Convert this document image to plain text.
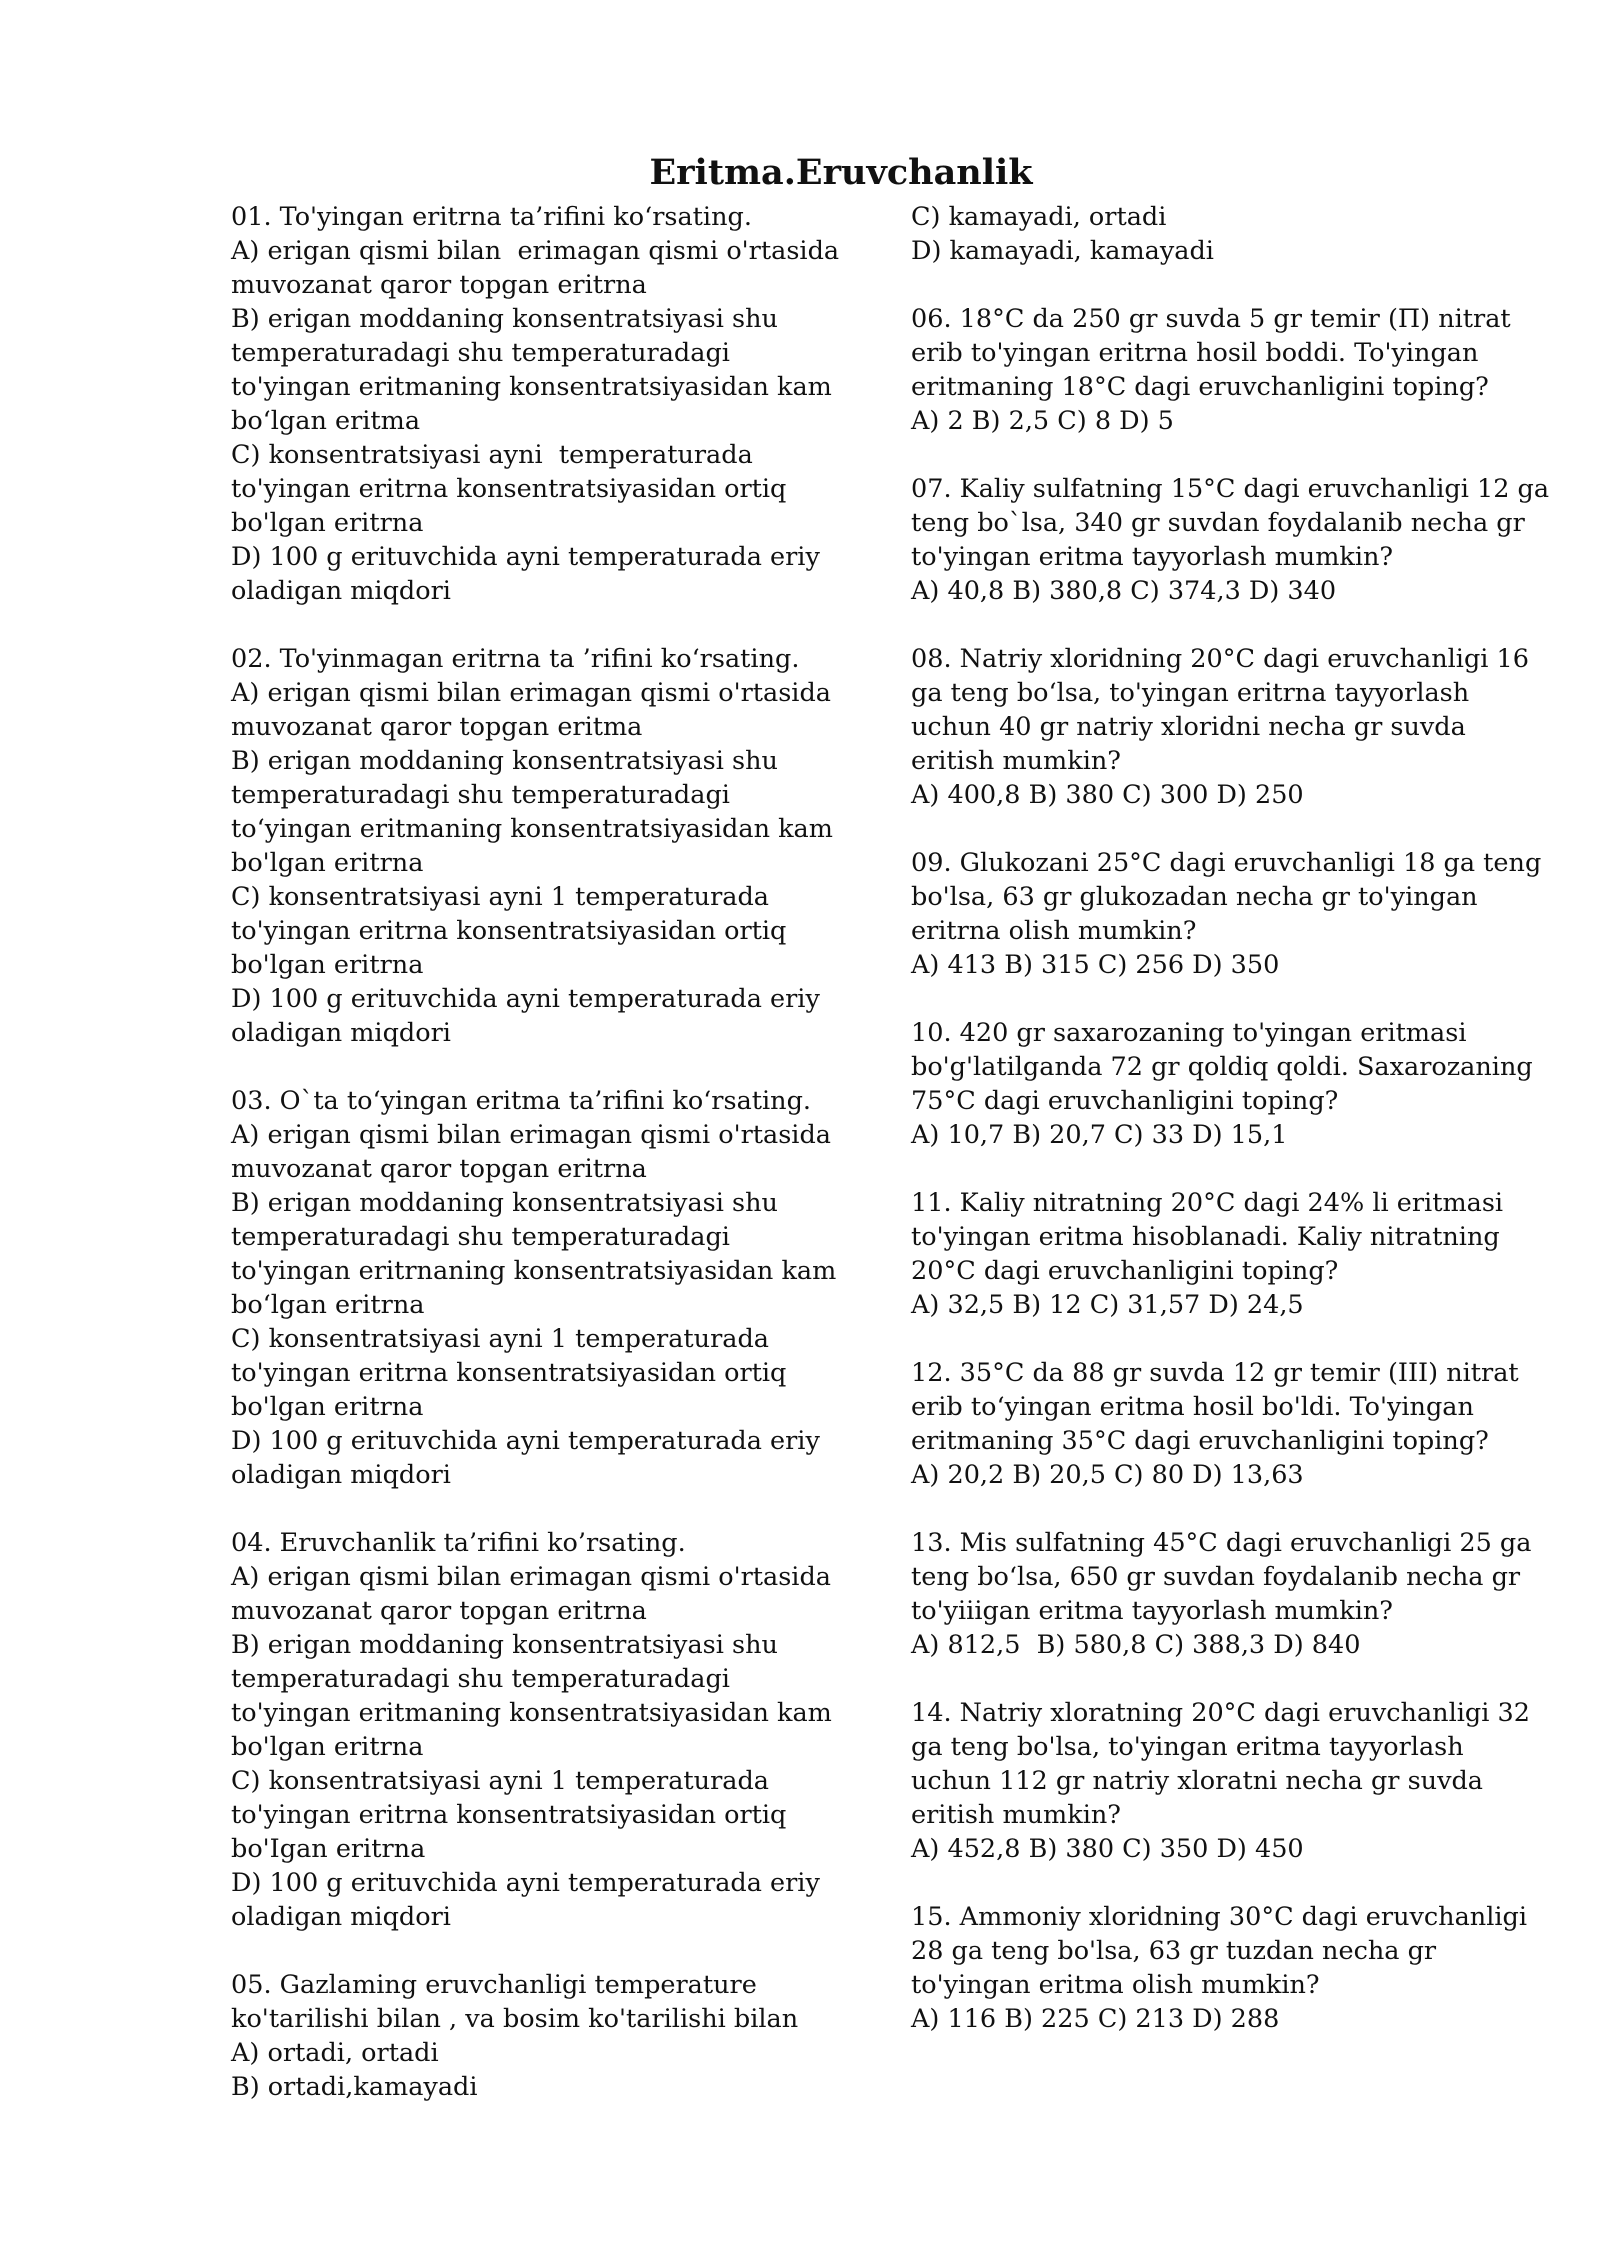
Eritma.Eruvchanlik
01. To'yingan eritrna ta’rifini ko‘rsating.
A) erigan qismi bilan  erimagan qismi o'rtasida
muvozanat qaror topgan eritrna
B) erigan moddaning konsentratsiyasi shu
temperaturadagi shu temperaturadagi
to'yingan eritmaning konsentratsiyasidan kam
bo‘lgan eritma
C) konsentratsiyasi ayni  temperaturada
to'yingan eritrna konsentratsiyasidan ortiq
bo'lgan eritrna
D) 100 g erituvchida ayni temperaturada eriy
oladigan miqdori
02. To'yinmagan eritrna ta ’rifini ko‘rsating.
A) erigan qismi bilan erimagan qismi o'rtasida
muvozanat qaror topgan eritma
B) erigan moddaning konsentratsiyasi shu
temperaturadagi shu temperaturadagi
to‘yingan eritmaning konsentratsiyasidan kam
bo'lgan eritrna
C) konsentratsiyasi ayni 1 temperaturada
to'yingan eritrna konsentratsiyasidan ortiq
bo'lgan eritrna
D) 100 g erituvchida ayni temperaturada eriy
oladigan miqdori
03. O`ta to‘yingan eritma ta’rifini ko‘rsating.
A) erigan qismi bilan erimagan qismi o'rtasida
muvozanat qaror topgan eritrna
B) erigan moddaning konsentratsiyasi shu
temperaturadagi shu temperaturadagi
to'yingan eritrnaning konsentratsiyasidan kam
bo‘lgan eritrna
C) konsentratsiyasi ayni 1 temperaturada
to'yingan eritrna konsentratsiyasidan ortiq
bo'lgan eritrna
D) 100 g erituvchida ayni temperaturada eriy
oladigan miqdori
04. Eruvchanlik ta’rifini ko’rsating.
A) erigan qismi bilan erimagan qismi o'rtasida
muvozanat qaror topgan eritrna
B) erigan moddaning konsentratsiyasi shu
temperaturadagi shu temperaturadagi
to'yingan eritmaning konsentratsiyasidan kam
bo'lgan eritrna
C) konsentratsiyasi ayni 1 temperaturada
to'yingan eritrna konsentratsiyasidan ortiq
bo'Igan eritrna
D) 100 g erituvchida ayni temperaturada eriy
oladigan miqdori
05. Gazlaming eruvchanligi temperature
ko'tarilishi bilan , va bosim ko'tarilishi bilan
A) ortadi, ortadi
B) ortadi,kamayadi
C) kamayadi, ortadi
D) kamayadi, kamayadi
06. 18°C da 250 gr suvda 5 gr temir (П) nitrat
erib to'yingan eritrna hosil boddi. To'yingan
eritmaning 18°C dagi eruvchanligini toping?
A) 2 B) 2,5 C) 8 D) 5
07. Kaliy sulfatning 15°C dagi eruvchanligi 12 ga
teng bo`lsa, 340 gr suvdan foydalanib necha gr
to'yingan eritma tayyorlash mumkin?
A) 40,8 B) 380,8 C) 374,3 D) 340
08. Natriy xloridning 20°C dagi eruvchanligi 16
ga teng bo‘lsa, to'yingan eritrna tayyorlash
uchun 40 gr natriy xloridni necha gr suvda
eritish mumkin?
A) 400,8 B) 380 C) 300 D) 250
09. Glukozani 25°C dagi eruvchanligi 18 ga teng
bo'lsa, 63 gr glukozadan necha gr to'yingan
eritrna olish mumkin?
A) 413 B) 315 C) 256 D) 350
10. 420 gr saxarozaning to'yingan eritmasi
bo'g'latilganda 72 gr qoldiq qoldi. Saxarozaning
75°C dagi eruvchanligini toping?
A) 10,7 B) 20,7 C) 33 D) 15,1
11. Kaliy nitratning 20°C dagi 24% li eritmasi
to'yingan eritma hisoblanadi. Kaliy nitratning
20°C dagi eruvchanligini toping?
A) 32,5 B) 12 C) 31,57 D) 24,5
12. 35°C da 88 gr suvda 12 gr temir (III) nitrat
erib to‘yingan eritma hosil bo'ldi. To'yingan
eritmaning 35°C dagi eruvchanligini toping?
A) 20,2 B) 20,5 C) 80 D) 13,63
13. Mis sulfatning 45°C dagi eruvchanligi 25 ga
teng bo‘lsa, 650 gr suvdan foydalanib necha gr
to'yiiigan eritma tayyorlash mumkin?
A) 812,5  B) 580,8 C) 388,3 D) 840
14. Natriy xloratning 20°C dagi eruvchanligi 32
ga teng bo'lsa, to'yingan eritma tayyorlash
uchun 112 gr natriy xloratni necha gr suvda
eritish mumkin?
A) 452,8 B) 380 C) 350 D) 450
15. Ammoniy xloridning 30°C dagi eruvchanligi
28 ga teng bo'lsa, 63 gr tuzdan necha gr
to'yingan eritma olish mumkin?
A) 116 B) 225 C) 213 D) 288
